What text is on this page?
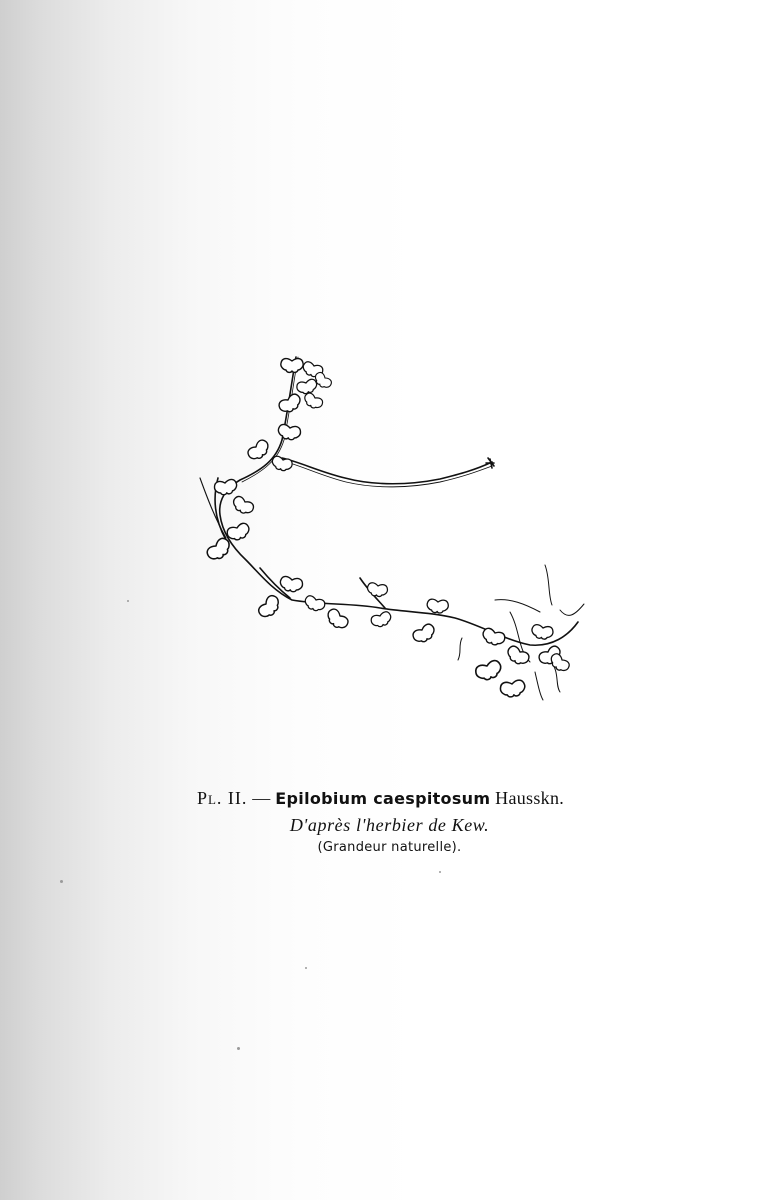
Pl. II. — Epilobium caespitosum Hausskn.
D'après l'herbier de Kew.
(Grandeur naturelle).
